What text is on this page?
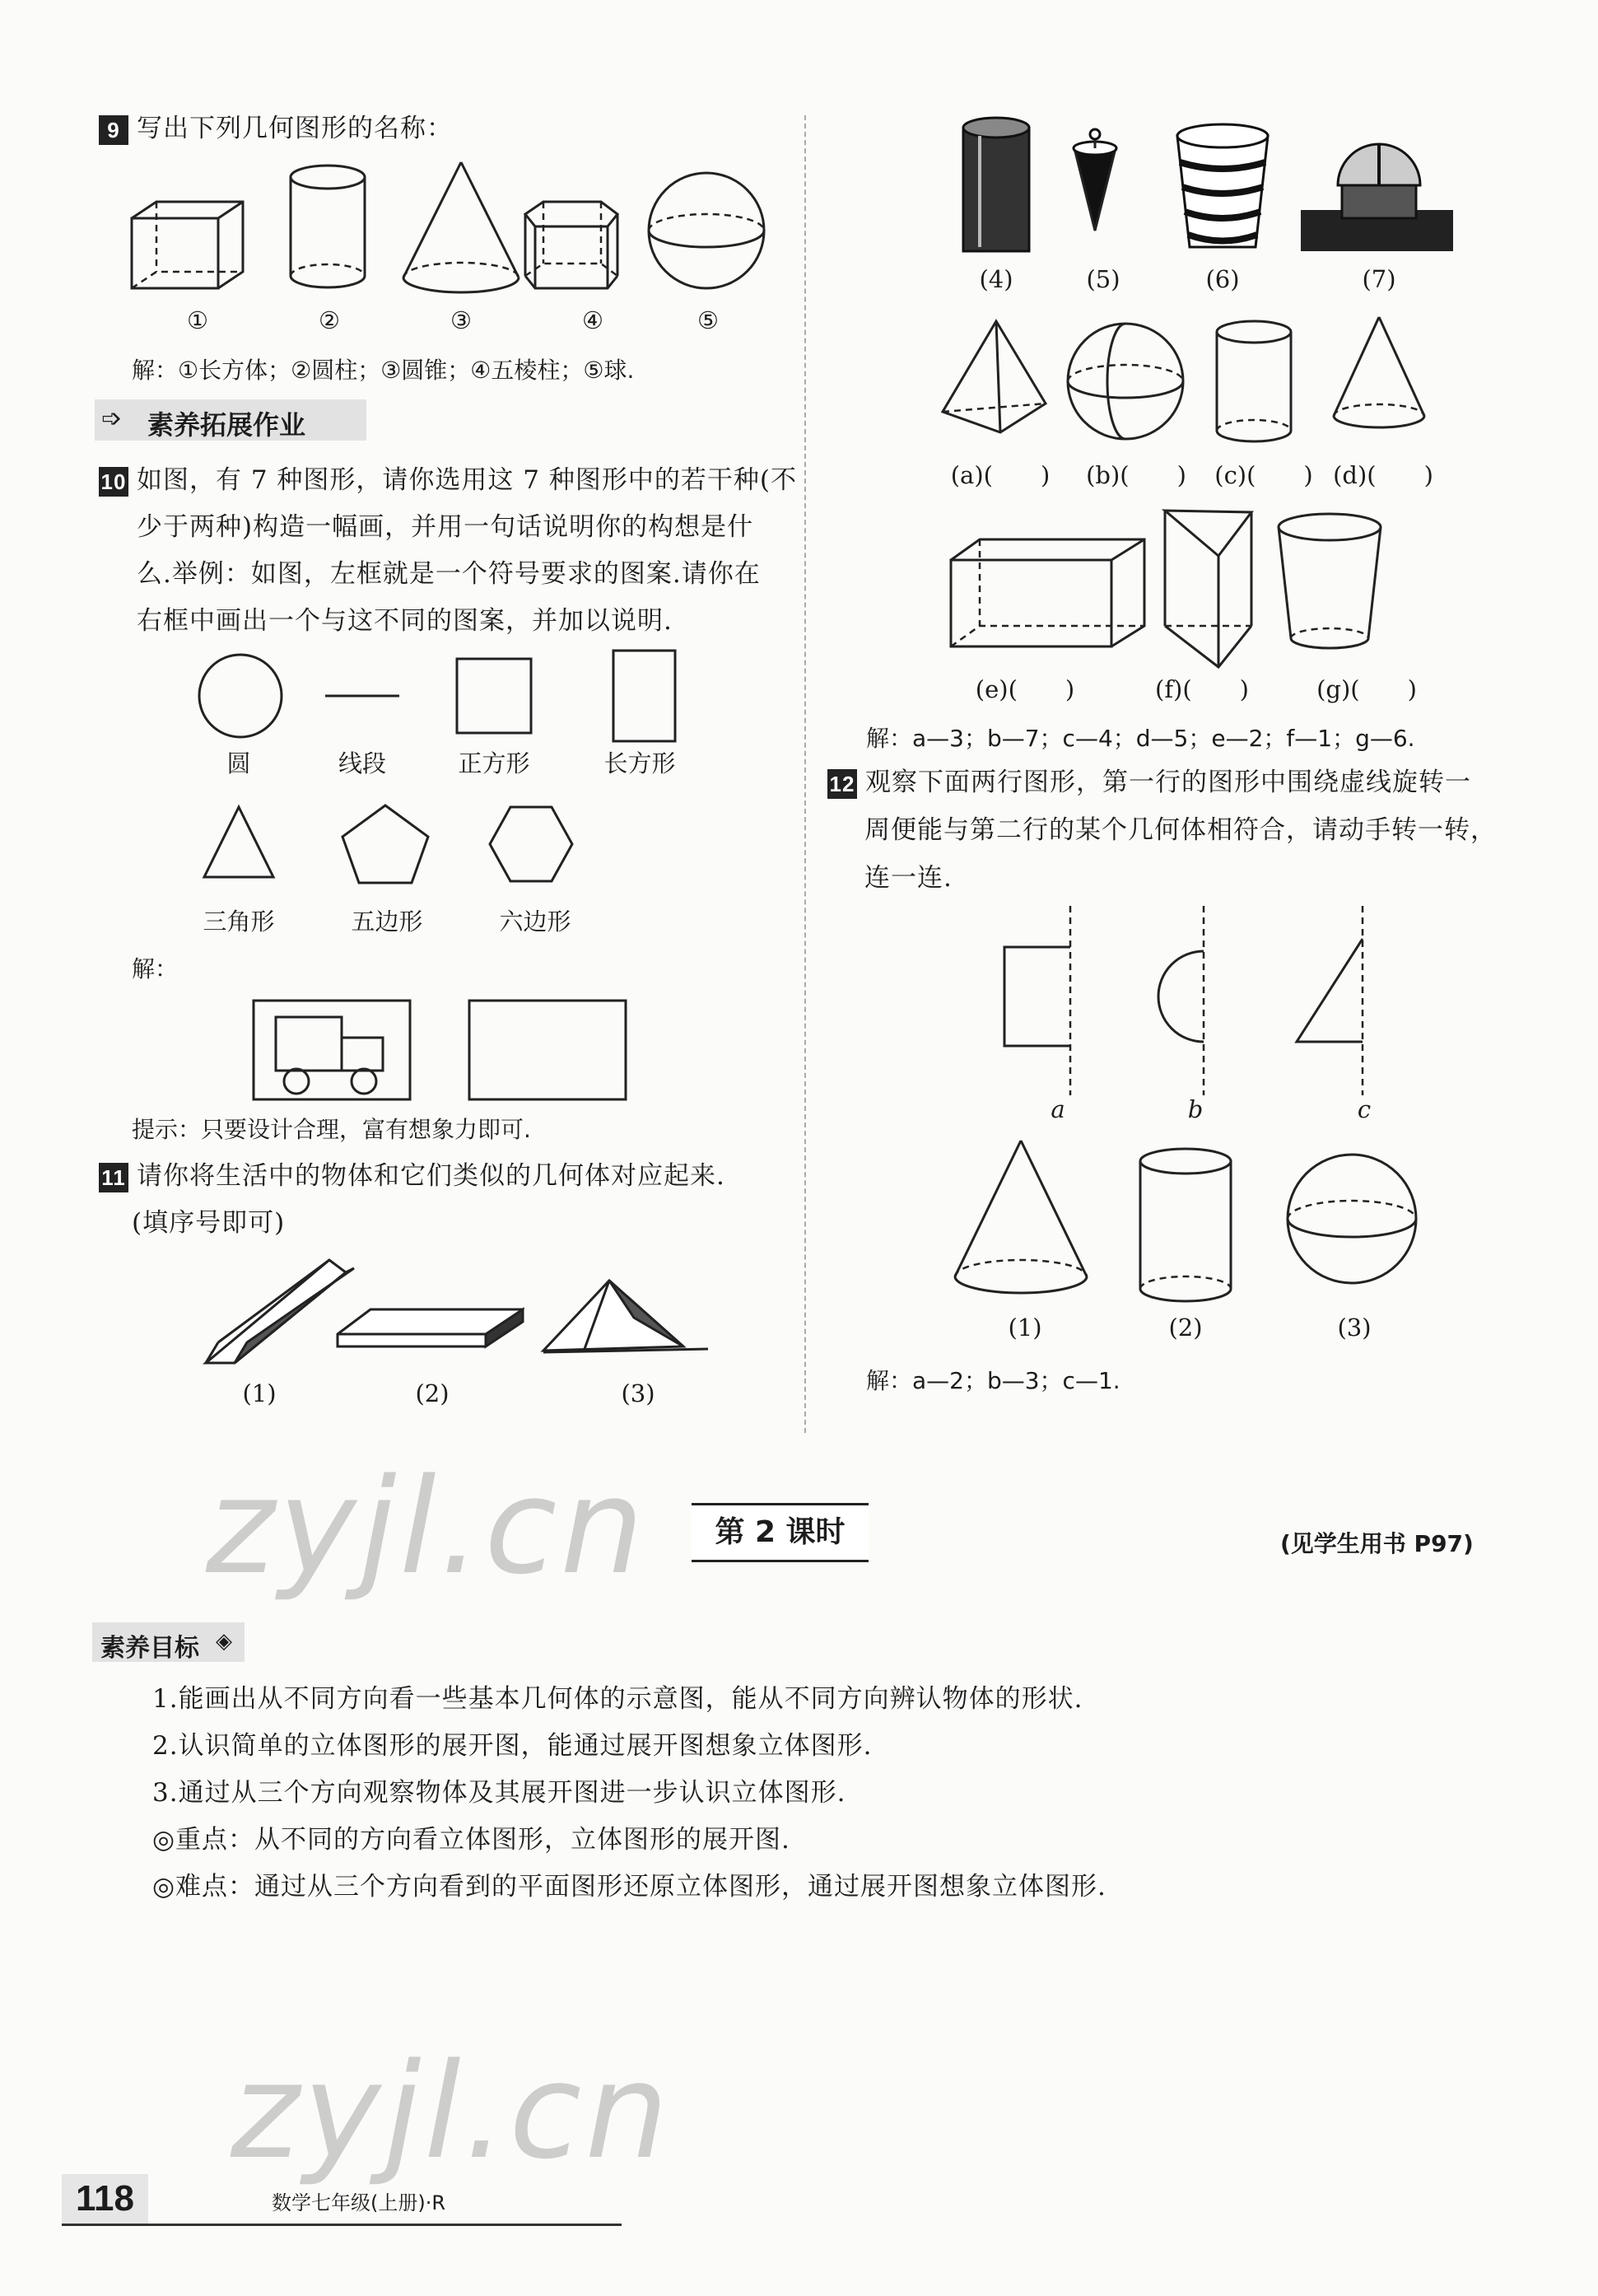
9 写出下列几何图形的名称：
①	②	③	④	⑤
解：①长方体；②圆柱；③圆锥；④五棱柱；⑤球.
➩ 素养拓展作业
10 如图，有 7 种图形，请你选用这 7 种图形中的若干种(不
少于两种)构造一幅画，并用一句话说明你的构想是什
么.举例：如图，左框就是一个符号要求的图案.请你在
右框中画出一个与这不同的图案，并加以说明.
圆	线段	正方形	长方形
三角形	五边形	六边形
解：
提示：只要设计合理，富有想象力即可.
11 请你将生活中的物体和它们类似的几何体对应起来.
(填序号即可)
(1)	(2)	(3)
(4)	(5)	(6)	(7)
(a)(　　)	(b)(　　)	(c)(　　) (d)(　　)
(e)(　　)	(f)(　　)	(g)(　　)
解：a—3；b—7；c—4；d—5；e—2；f—1；g—6.
12 观察下面两行图形，第一行的图形中围绕虚线旋转一
周便能与第二行的某个几何体相符合，请动手转一转，
连一连.
a	b	c
(1)	(2)	(3)
解：a—2；b—3；c—1.
zyjl.cn	第 2 课时	(见学生用书 P97)
素养目标 ◈
1.能画出从不同方向看一些基本几何体的示意图，能从不同方向辨认物体的形状.
2.认识简单的立体图形的展开图，能通过展开图想象立体图形.
3.通过从三个方向观察物体及其展开图进一步认识立体图形.
◎重点：从不同的方向看立体图形，立体图形的展开图.
◎难点：通过从三个方向看到的平面图形还原立体图形，通过展开图想象立体图形.
zyjl.cn
118	数学七年级(上册)·R
